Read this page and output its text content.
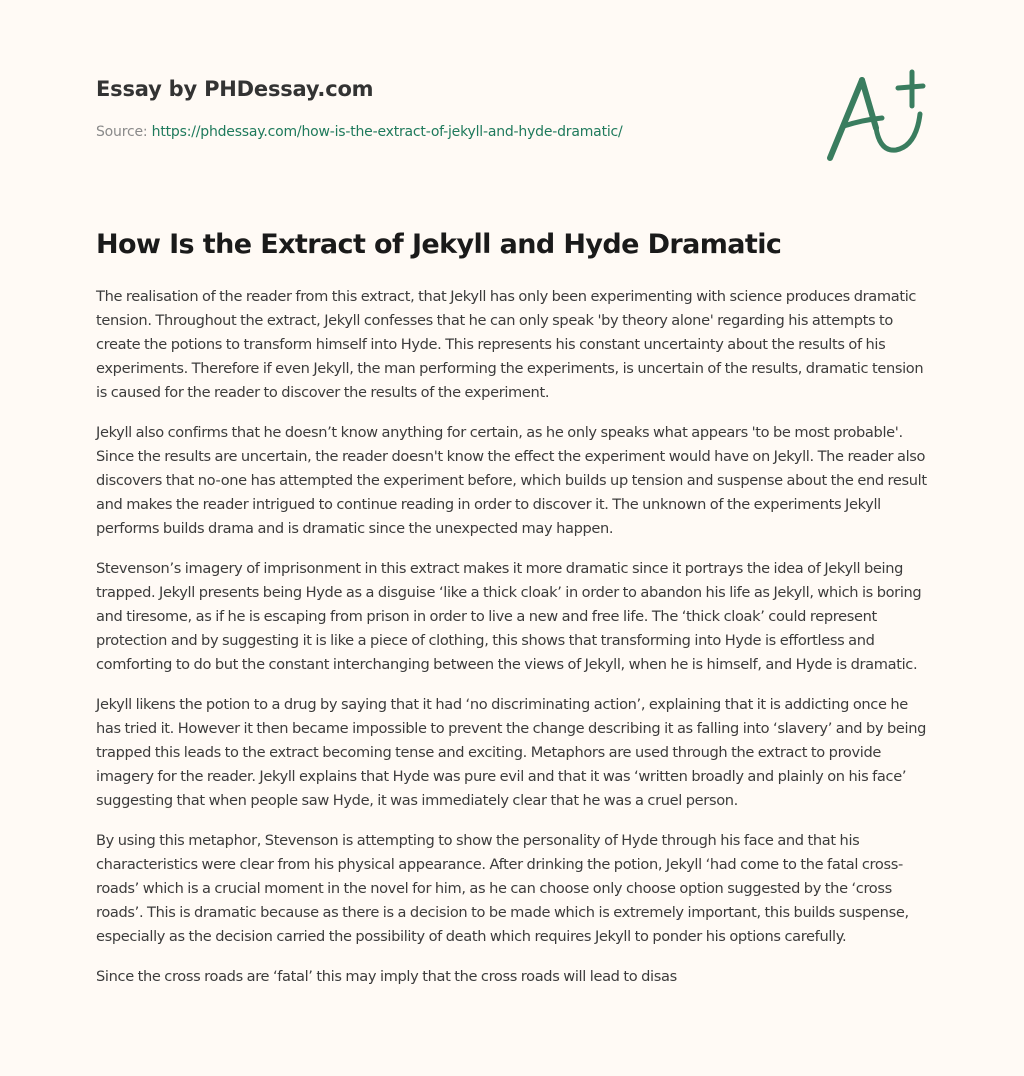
Essay by PHDessay.com
Source: https://phdessay.com/how-is-the-extract-of-jekyll-and-hyde-dramatic/
How Is the Extract of Jekyll and Hyde Dramatic

The realisation of the reader from this extract, that Jekyll has only been experimenting with science produces dramatic tension. Throughout the extract, Jekyll confesses that he can only speak 'by theory alone' regarding his attempts to create the potions to transform himself into Hyde. This represents his constant uncertainty about the results of his experiments. Therefore if even Jekyll, the man performing the experiments, is uncertain of the results, dramatic tension is caused for the reader to discover the results of the experiment.

Jekyll also confirms that he doesn’t know anything for certain, as he only speaks what appears 'to be most probable'. Since the results are uncertain, the reader doesn't know the effect the experiment would have on Jekyll. The reader also discovers that no-one has attempted the experiment before, which builds up tension and suspense about the end result and makes the reader intrigued to continue reading in order to discover it. The unknown of the experiments Jekyll performs builds drama and is dramatic since the unexpected may happen.

Stevenson’s imagery of imprisonment in this extract makes it more dramatic since it portrays the idea of Jekyll being trapped. Jekyll presents being Hyde as a disguise ‘like a thick cloak’ in order to abandon his life as Jekyll, which is boring and tiresome, as if he is escaping from prison in order to live a new and free life. The ‘thick cloak’ could represent protection and by suggesting it is like a piece of clothing, this shows that transforming into Hyde is effortless and comforting to do but the constant interchanging between the views of Jekyll, when he is himself, and Hyde is dramatic.

Jekyll likens the potion to a drug by saying that it had ‘no discriminating action’, explaining that it is addicting once he has tried it. However it then became impossible to prevent the change describing it as falling into ‘slavery’ and by being trapped this leads to the extract becoming tense and exciting. Metaphors are used through the extract to provide imagery for the reader. Jekyll explains that Hyde was pure evil and that it was ‘written broadly and plainly on his face’ suggesting that when people saw Hyde, it was immediately clear that he was a cruel person.

By using this metaphor, Stevenson is attempting to show the personality of Hyde through his face and that his characteristics were clear from his physical appearance. After drinking the potion, Jekyll ‘had come to the fatal cross-roads’ which is a crucial moment in the novel for him, as he can choose only choose option suggested by the ‘cross roads’. This is dramatic because as there is a decision to be made which is extremely important, this builds suspense, especially as the decision carried the possibility of death which requires Jekyll to ponder his options carefully.

Since the cross roads are ‘fatal’ this may imply that the cross roads will lead to disas
